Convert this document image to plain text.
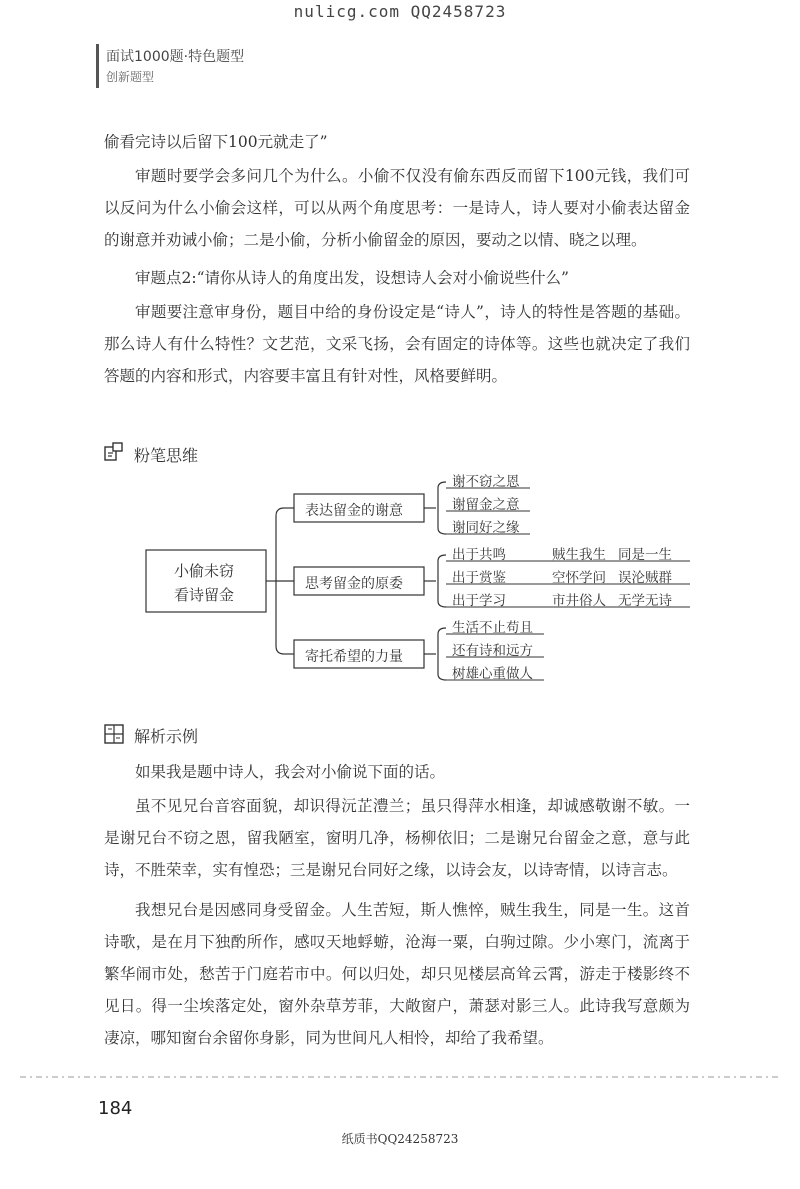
nulicg.com QQ2458723
面试1000题·特色题型
创新题型
偷看完诗以后留下100元就走了”
审题时要学会多问几个为什么。小偷不仅没有偷东西反而留下100元钱，我们可以反问为什么小偷会这样，可以从两个角度思考：一是诗人，诗人要对小偷表达留金的谢意并劝诫小偷；二是小偷，分析小偷留金的原因，要动之以情、晓之以理。
审题点2:“请你从诗人的角度出发，设想诗人会对小偷说些什么”
审题要注意审身份，题目中给的身份设定是“诗人”，诗人的特性是答题的基础。那么诗人有什么特性？文艺范，文采飞扬，会有固定的诗体等。这些也就决定了我们答题的内容和形式，内容要丰富且有针对性，风格要鲜明。
粉笔思维
小偷未窃
看诗留金
表达留金的谢意
思考留金的原委
寄托希望的力量
谢不窃之恩
谢留金之意
谢同好之缘
出于共鸣	贼生我生 同是一生
出于赏鉴	空怀学问 误沦贼群
出于学习	市井俗人 无学无诗
生活不止苟且
还有诗和远方
树雄心重做人
解析示例
如果我是题中诗人，我会对小偷说下面的话。
虽不见兄台音容面貌，却识得沅芷澧兰；虽只得萍水相逢，却诚感敬谢不敏。一是谢兄台不窃之恩，留我陋室，窗明几净，杨柳依旧；二是谢兄台留金之意，意与此诗，不胜荣幸，实有惶恐；三是谢兄台同好之缘，以诗会友，以诗寄情，以诗言志。
我想兄台是因感同身受留金。人生苦短，斯人憔悴，贼生我生，同是一生。这首诗歌，是在月下独酌所作，感叹天地蜉蝣，沧海一粟，白驹过隙。少小寒门，流离于繁华闹市处，愁苦于门庭若市中。何以归处，却只见楼层高耸云霄，游走于楼影终不见日。得一尘埃落定处，窗外杂草芳菲，大敞窗户，萧瑟对影三人。此诗我写意颇为凄凉，哪知窗台余留你身影，同为世间凡人相怜，却给了我希望。
184
纸质书QQ24258723
